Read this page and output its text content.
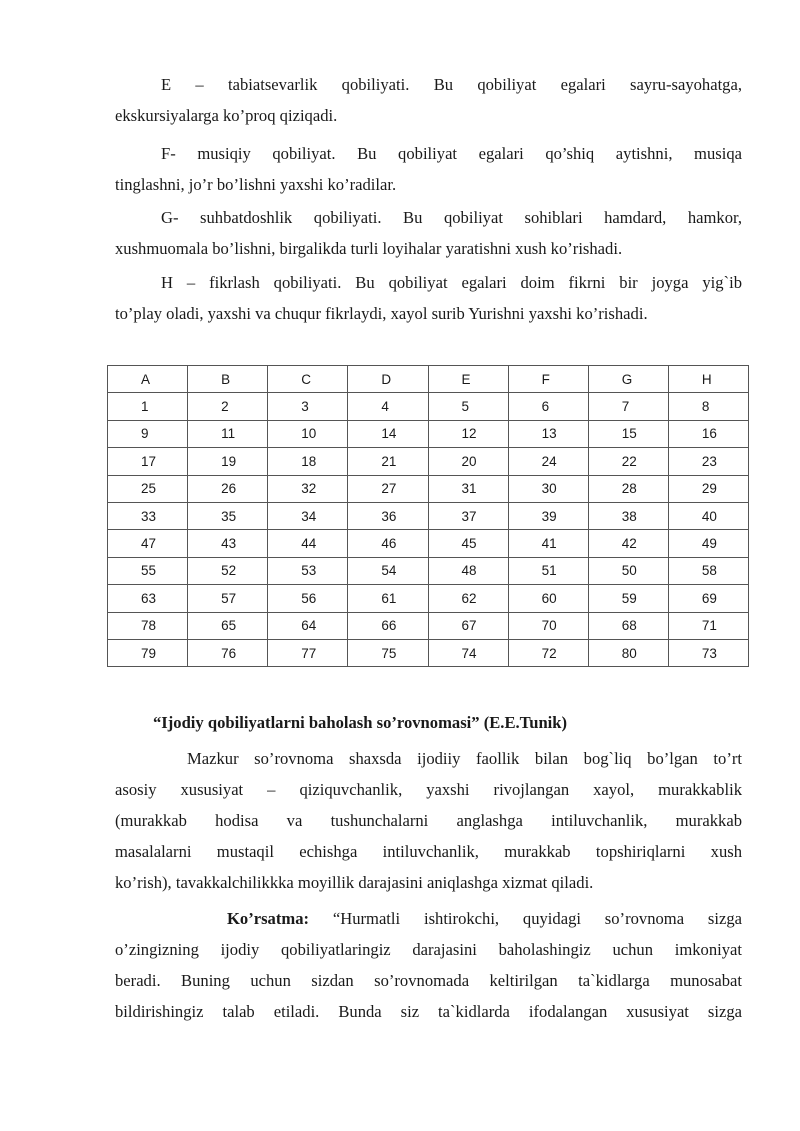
E – tabiatsevarlik qobiliyati. Bu qobiliyat egalari sayru-sayohatga,
ekskursiyalarga ko’proq qiziqadi.
F- musiqiy qobiliyat. Bu qobiliyat egalari qo’shiq aytishni, musiqa
tinglashni, jo’r bo’lishni yaxshi ko’radilar.
G- suhbatdoshlik qobiliyati. Bu qobiliyat sohiblari hamdard, hamkor,
xushmuomala bo’lishni, birgalikda turli loyihalar yaratishni xush ko’rishadi.
H – fikrlash qobiliyati. Bu qobiliyat egalari doim fikrni bir joyga yig`ib
to’play oladi, yaxshi va chuqur fikrlaydi, xayol surib Yurishni yaxshi ko’rishadi.
A	B	C	D	E	F	G	H
1	2	3	4	5	6	7	8
9	11	10	14	12	13	15	16
17	19	18	21	20	24	22	23
25	26	32	27	31	30	28	29
33	35	34	36	37	39	38	40
47	43	44	46	45	41	42	49
55	52	53	54	48	51	50	58
63	57	56	61	62	60	59	69
78	65	64	66	67	70	68	71
79	76	77	75	74	72	80	73

“Ijodiy qobiliyatlarni baholash so’rovnomasi” (E.E.Tunik)

Mazkur so’rovnoma shaxsda ijodiiy faollik bilan bog`liq bo’lgan to’rt
asosiy xususiyat – qiziquvchanlik, yaxshi rivojlangan xayol, murakkablik
(murakkab hodisa va tushunchalarni anglashga intiluvchanlik, murakkab
masalalarni mustaqil echishga intiluvchanlik, murakkab topshiriqlarni xush
ko’rish), tavakkalchilikkka moyillik darajasini aniqlashga xizmat qiladi.
Ko’rsatma: “Hurmatli ishtirokchi, quyidagi so’rovnoma sizga
o’zingizning ijodiy qobiliyatlaringiz darajasini baholashingiz uchun imkoniyat
beradi. Buning uchun sizdan so’rovnomada keltirilgan ta`kidlarga munosabat
bildirishingiz talab etiladi. Bunda siz ta`kidlarda ifodalangan xususiyat sizga
